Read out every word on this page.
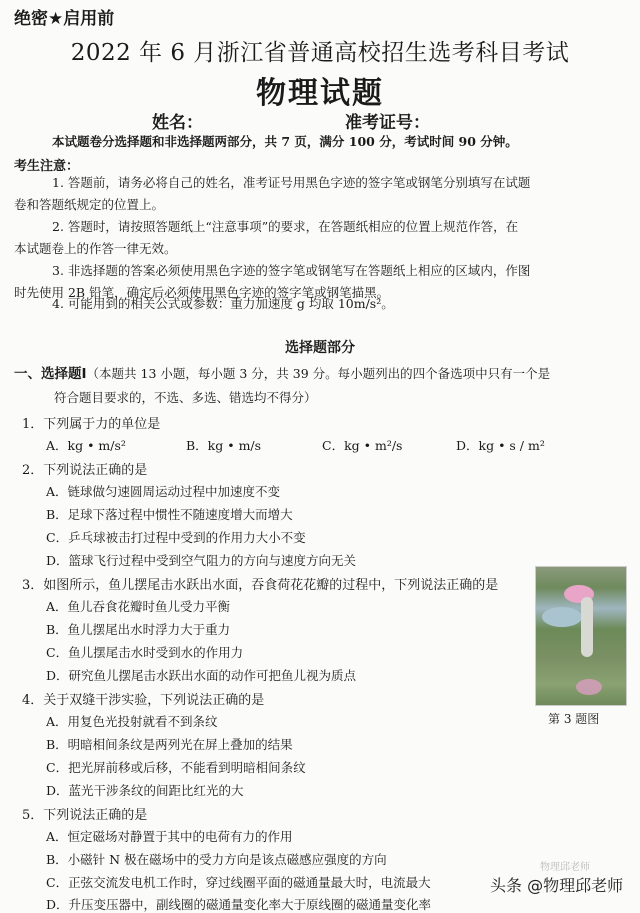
绝密★启用前
2022 年 6 月浙江省普通高校招生选考科目考试
物理试题
姓名：	准考证号：
本试题卷分选择题和非选择题两部分，共 7 页，满分 100 分，考试时间 90 分钟。
考生注意：
1. 答题前，请务必将自己的姓名，准考证号用黑色字迹的签字笔或钢笔分别填写在试题
卷和答题纸规定的位置上。
2. 答题时，请按照答题纸上“注意事项”的要求，在答题纸相应的位置上规范作答，在
本试题卷上的作答一律无效。
3. 非选择题的答案必须使用黑色字迹的签字笔或钢笔写在答题纸上相应的区域内，作图
时先使用 2B 铅笔，确定后必须使用黑色字迹的签字笔或钢笔描黑。
4. 可能用到的相关公式或参数：重力加速度 g 均取 10m/s²。
选择题部分
一、选择题Ⅰ（本题共 13 小题，每小题 3 分，共 39 分。每小题列出的四个备选项中只有一个是
符合题目要求的，不选、多选、错选均不得分）
1．下列属于力的单位是
A．kg • m/s²	B．kg • m/s	C．kg • m²/s	D．kg • s / m²
2．下列说法正确的是
A．链球做匀速圆周运动过程中加速度不变
B．足球下落过程中惯性不随速度增大而增大
C．乒乓球被击打过程中受到的作用力大小不变
D．篮球飞行过程中受到空气阻力的方向与速度方向无关
3．如图所示，鱼儿摆尾击水跃出水面，吞食荷花花瓣的过程中，下列说法正确的是
A．鱼儿吞食花瓣时鱼儿受力平衡
B．鱼儿摆尾出水时浮力大于重力
C．鱼儿摆尾击水时受到水的作用力
D．研究鱼儿摆尾击水跃出水面的动作可把鱼儿视为质点
第 3 题图
4．关于双缝干涉实验，下列说法正确的是
A．用复色光投射就看不到条纹
B．明暗相间条纹是两列光在屏上叠加的结果
C．把光屏前移或后移，不能看到明暗相间条纹
D．蓝光干涉条纹的间距比红光的大
5．下列说法正确的是
A．恒定磁场对静置于其中的电荷有力的作用
B．小磁针 N 极在磁场中的受力方向是该点磁感应强度的方向
C．正弦交流发电机工作时，穿过线圈平面的磁通量最大时，电流最大
D．升压变压器中，副线圈的磁通量变化率大于原线圈的磁通量变化率
物理邱老师
头条 @物理邱老师
